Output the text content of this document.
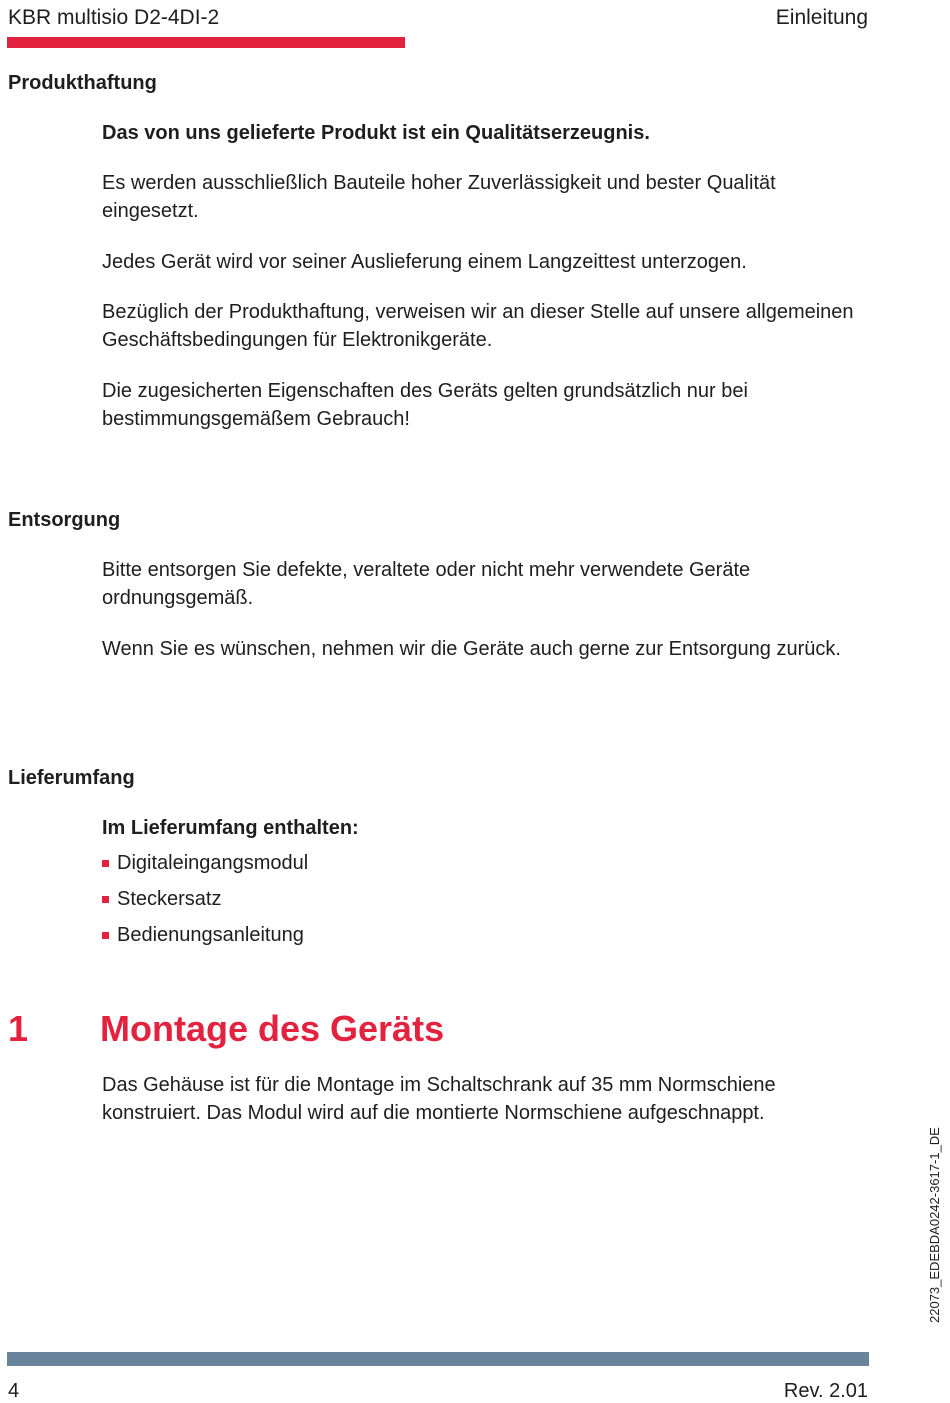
KBR multisio D2-4DI-2	Einleitung
Produkthaftung
Das von uns gelieferte Produkt ist ein Qualitätserzeugnis.
Es werden ausschließlich Bauteile hoher Zuverlässigkeit und bester Qualität eingesetzt.
Jedes Gerät wird vor seiner Auslieferung einem Langzeittest unterzogen.
Bezüglich der Produkthaftung, verweisen wir an dieser Stelle auf unsere allgemeinen Geschäftsbedingungen für Elektronikgeräte.
Die zugesicherten Eigenschaften des Geräts gelten grundsätzlich nur bei bestimmungsgemäßem Gebrauch!
Entsorgung
Bitte entsorgen Sie defekte, veraltete oder nicht mehr verwendete Geräte ordnungsgemäß.
Wenn Sie es wünschen, nehmen wir die Geräte auch gerne zur Entsorgung zurück.
Lieferumfang
Im Lieferumfang enthalten:
Digitaleingangsmodul
Steckersatz
Bedienungsanleitung
1 Montage des Geräts
Das Gehäuse ist für die Montage im Schaltschrank auf 35 mm Normschiene konstruiert. Das Modul wird auf die montierte Normschiene aufgeschnappt.
22073_EDEBDA0242-3617-1_DE
4	Rev. 2.01
